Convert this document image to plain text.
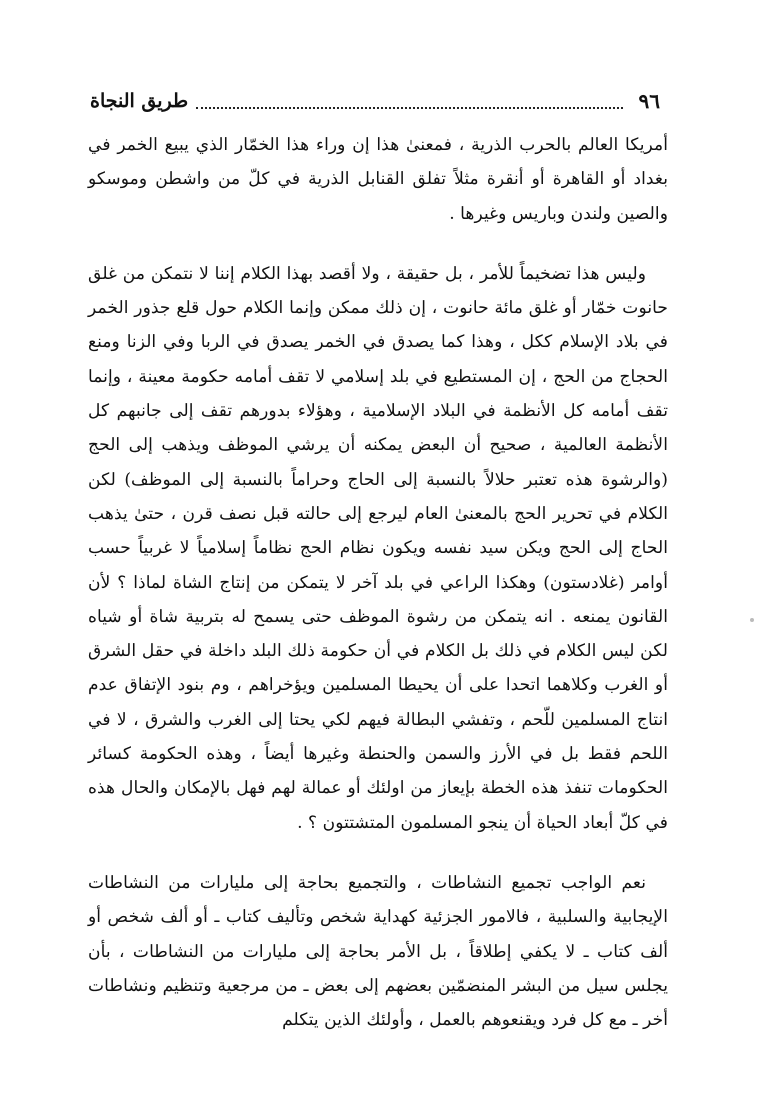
٩٦
طريق النجاة

أمريكا العالم بالحرب الذرية ، فمعنىٰ هذا إن وراء هذا الخمّار الذي يبيع الخمر في بغداد أو القاهرة أو أنقرة مثلاً تفلق القنابل الذرية في كلّ من واشطن وموسكو والصين ولندن وباريس وغيرها .

وليس هذا تضخيماً للأمر ، بل حقيقة ، ولا أقصد بهذا الكلام إننا لا نتمكن من غلق حانوت خمّار أو غلق مائة حانوت ، إن ذلك ممكن وإنما الكلام حول قلع جذور الخمر في بلاد الإسلام ككل ، وهذا كما يصدق في الخمر يصدق في الربا وفي الزنا ومنع الحجاج من الحج ، إن المستطيع في بلد إسلامي لا تقف أمامه حكومة معينة ، وإنما تقف أمامه كل الأنظمة في البلاد الإسلامية ، وهؤلاء بدورهم تقف إلى جانبهم كل الأنظمة العالمية ، صحيح أن البعض يمكنه أن يرشي الموظف ويذهب إلى الحج (والرشوة هذه تعتبر حلالاً بالنسبة إلى الحاج وحراماً بالنسبة إلى الموظف) لكن الكلام في تحرير الحج بالمعنىٰ العام ليرجع إلى حالته قبل نصف قرن ، حتىٰ يذهب الحاج إلى الحج ويكن سيد نفسه ويكون نظام الحج نظاماً إسلامياً لا غربياً حسب أوامر (غلادستون) وهكذا الراعي في بلد آخر لا يتمكن من إنتاج الشاة لماذا ؟ لأن القانون يمنعه . انه يتمكن من رشوة الموظف حتى يسمح له بتربية شاة أو شياه لكن ليس الكلام في ذلك بل الكلام في أن حكومة ذلك البلد داخلة في حقل الشرق أو الغرب وكلاهما اتحدا على أن يحيطا المسلمين ويؤخراهم ، وم بنود الإتفاق عدم انتاج المسلمين للّحم ، وتفشي البطالة فيهم لكي يحتا إلى الغرب والشرق ، لا في اللحم فقط بل في الأرز والسمن والحنطة وغيرها أيضاً ، وهذه الحكومة كسائر الحكومات تنفذ هذه الخطة بإيعاز من اولئك أو عمالة لهم فهل بالإمكان والحال هذه في كلّ أبعاد الحياة أن ينجو المسلمون المتشتتون ؟ .

نعم الواجب تجميع النشاطات ، والتجميع بحاجة إلى مليارات من النشاطات الإيجابية والسلبية ، فالامور الجزئية كهداية شخص وتأليف كتاب ـ أو ألف شخص أو ألف كتاب ـ لا يكفي إطلاقاً ، بل الأمر بحاجة إلى مليارات من النشاطات ، بأن يجلس سيل من البشر المنضمّين بعضهم إلى بعض ـ من مرجعية وتنظيم ونشاطات أخر ـ مع كل فرد ويقنعوهم بالعمل ، وأولئك الذين يتكلم
